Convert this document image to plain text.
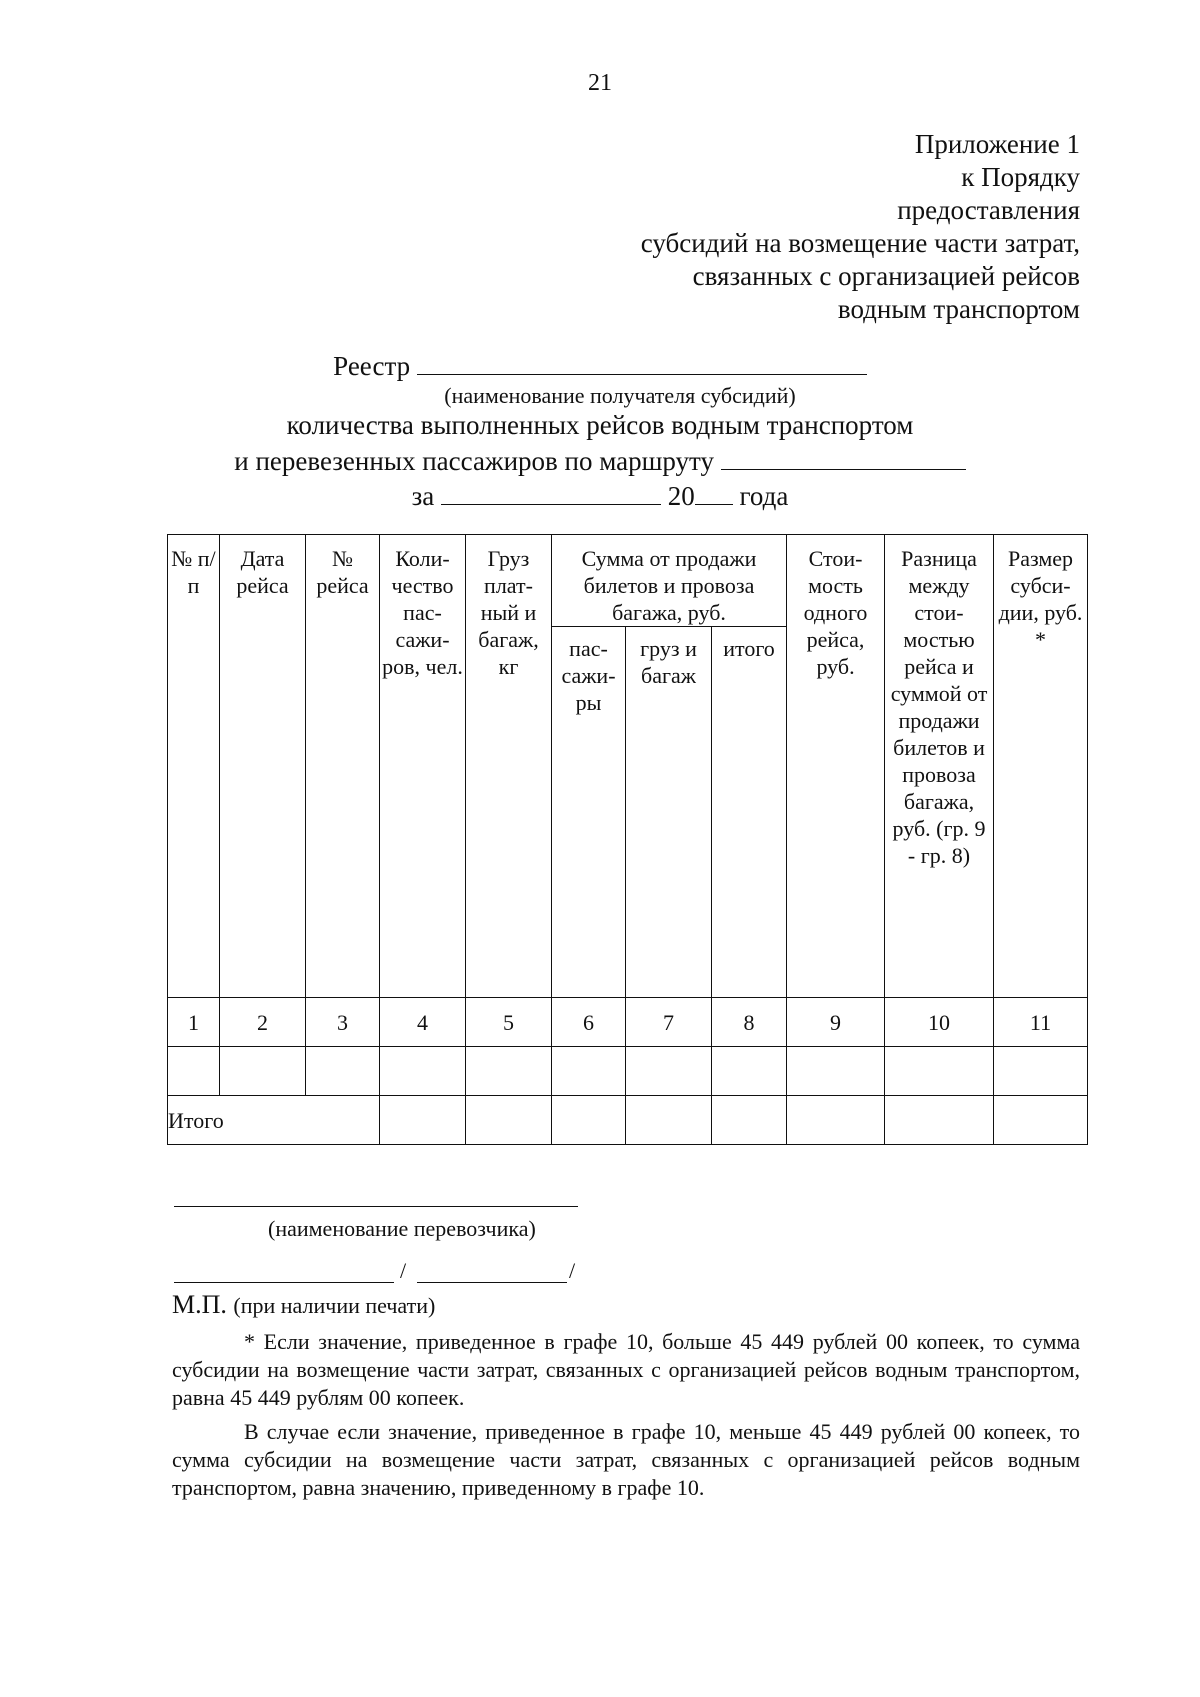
21
Приложение 1
к Порядку
предоставления
субсидий на возмещение части затрат,
связанных с организацией рейсов
водным транспортом
Реестр
(наименование получателя субсидий)
количества выполненных рейсов водным транспортом
и перевезенных пассажиров по маршруту
за	20 года
№ п/п	Дата рейса	№ рейса	Коли-чество пас-сажи-ров, чел.	Груз плат-ный и багаж, кг	Сумма от продажи билетов и провоза багажа, руб.			Стои-мость одного рейса, руб.	Разница между стои-мостью рейса и суммой от продажи билетов и провоза багажа, руб. (гр. 9 - гр. 8)	Размер субси-дии, руб. *
					пас-сажи-ры	груз и багаж	итого			
1	2	3	4	5	6	7	8	9	10	11

Итого										
(наименование перевозчика)
/	/
М.П. (при наличии печати)

* Если значение, приведенное в графе 10, больше 45 449 рублей 00 копеек, то сумма субсидии на возмещение части затрат, связанных с организацией рейсов водным транспортом, равна 45 449 рублям 00 копеек.

В случае если значение, приведенное в графе 10, меньше 45 449 рублей 00 копеек, то сумма субсидии на возмещение части затрат, связанных с организацией рейсов водным транспортом, равна значению, приведенному в графе 10.
